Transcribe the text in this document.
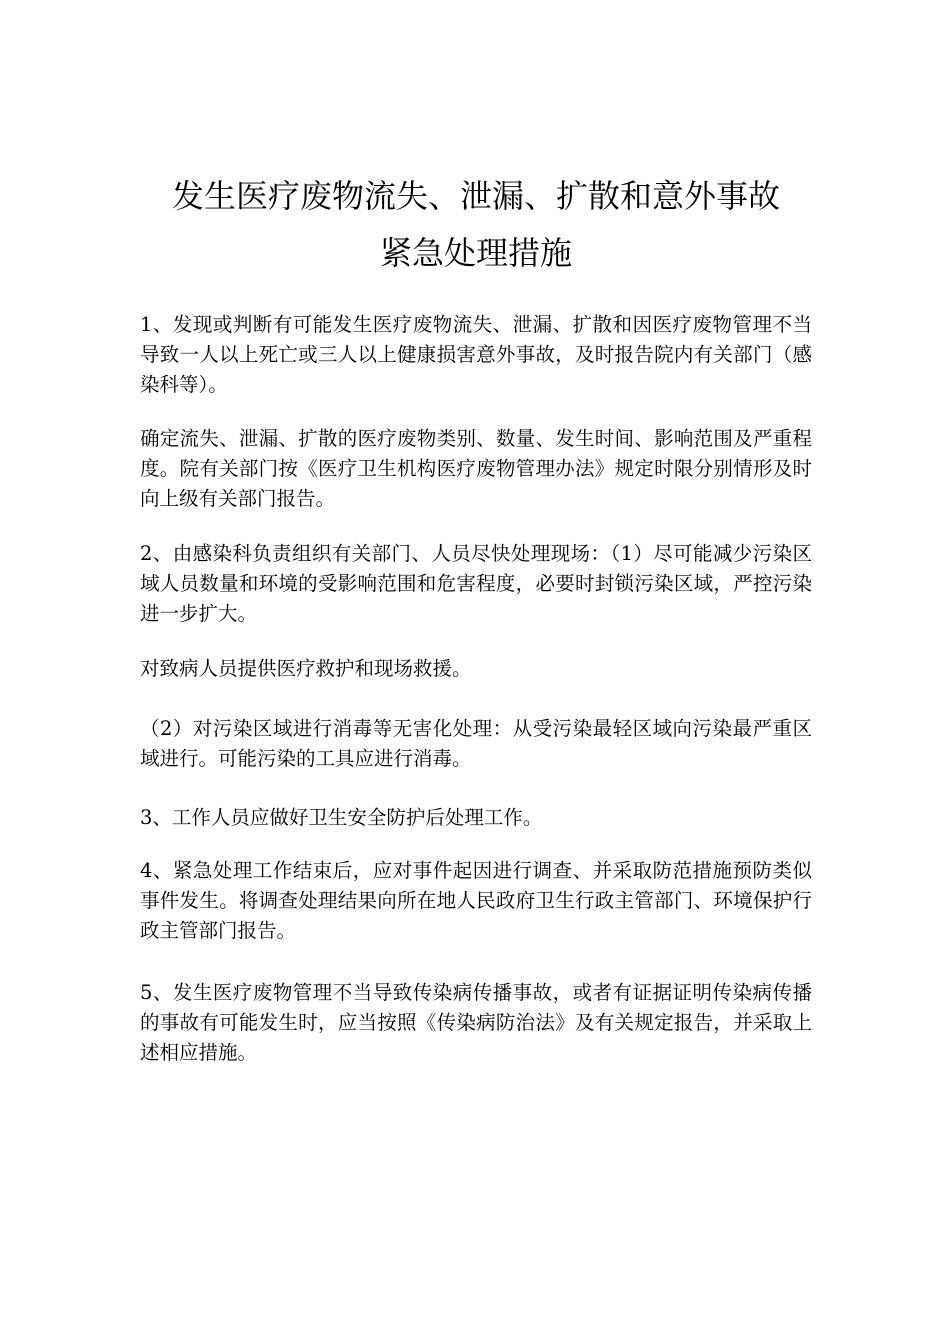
发生医疗废物流失、泄漏、扩散和意外事故
紧急处理措施

1、发现或判断有可能发生医疗废物流失、泄漏、扩散和因医疗废物管理不当导致一人以上死亡或三人以上健康损害意外事故，及时报告院内有关部门（感染科等）。

确定流失、泄漏、扩散的医疗废物类别、数量、发生时间、影响范围及严重程度。院有关部门按《医疗卫生机构医疗废物管理办法》规定时限分别情形及时向上级有关部门报告。

2、由感染科负责组织有关部门、人员尽快处理现场：（1）尽可能减少污染区域人员数量和环境的受影响范围和危害程度，必要时封锁污染区域，严控污染进一步扩大。

对致病人员提供医疗救护和现场救援。

（2）对污染区域进行消毒等无害化处理：从受污染最轻区域向污染最严重区域进行。可能污染的工具应进行消毒。

3、工作人员应做好卫生安全防护后处理工作。

4、紧急处理工作结束后，应对事件起因进行调查、并采取防范措施预防类似事件发生。将调查处理结果向所在地人民政府卫生行政主管部门、环境保护行政主管部门报告。

5、发生医疗废物管理不当导致传染病传播事故，或者有证据证明传染病传播的事故有可能发生时，应当按照《传染病防治法》及有关规定报告，并采取上述相应措施。
